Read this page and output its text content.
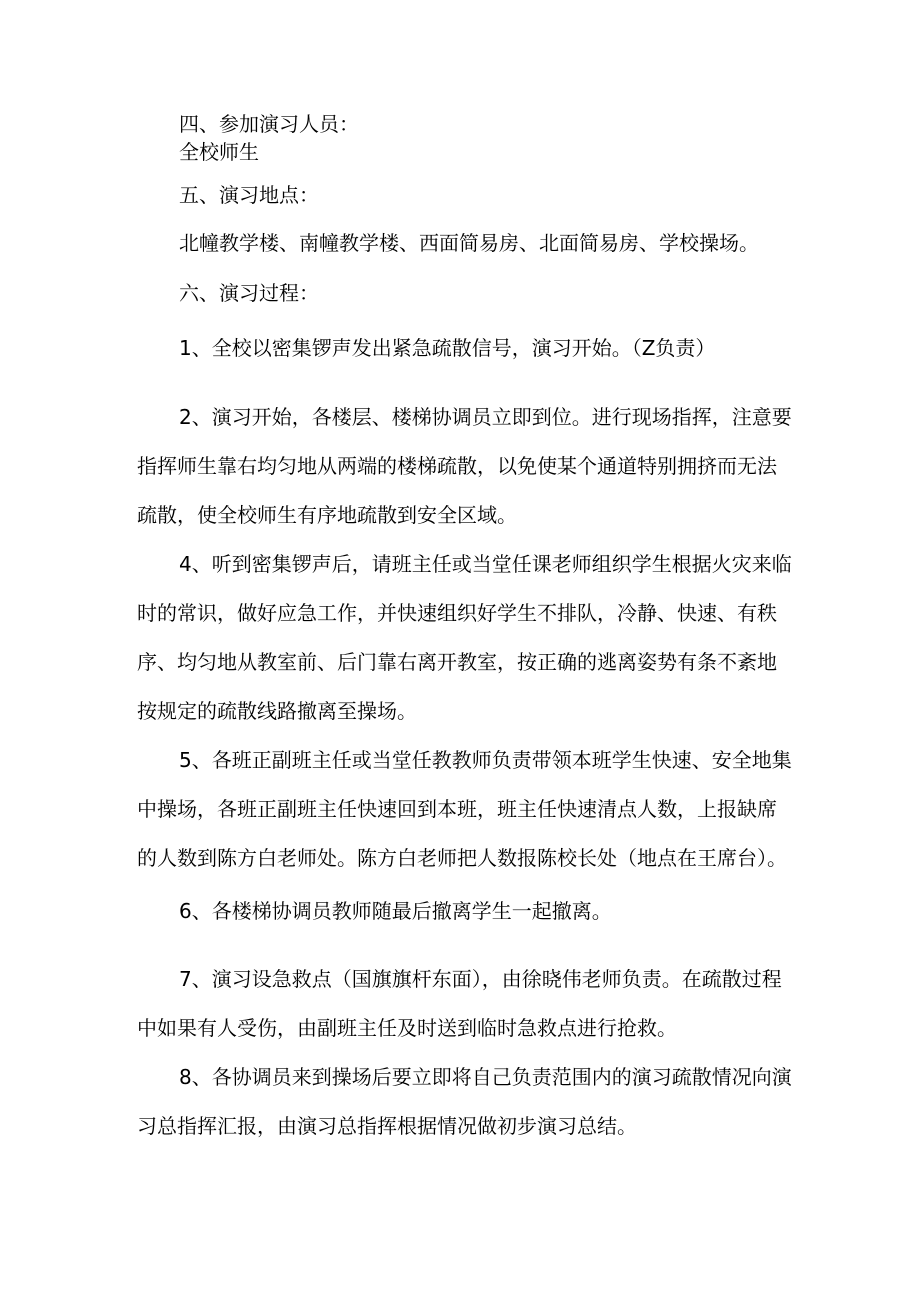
四、参加演习人员：

全校师生

五、演习地点：

北幢教学楼、南幢教学楼、西面简易房、北面简易房、学校操场。

六、演习过程：

1、全校以密集锣声发出紧急疏散信号，演习开始。（Z负责）

2、演习开始，各楼层、楼梯协调员立即到位。进行现场指挥，注意要

指挥师生靠右均匀地从两端的楼梯疏散，以免使某个通道特别拥挤而无法

疏散，使全校师生有序地疏散到安全区域。

4、听到密集锣声后，请班主任或当堂任课老师组织学生根据火灾来临

时的常识，做好应急工作，并快速组织好学生不排队，冷静、快速、有秩

序、均匀地从教室前、后门靠右离开教室，按正确的逃离姿势有条不紊地

按规定的疏散线路撤离至操场。

5、各班正副班主任或当堂任教教师负责带领本班学生快速、安全地集

中操场，各班正副班主任快速回到本班，班主任快速清点人数，上报缺席

的人数到陈方白老师处。陈方白老师把人数报陈校长处（地点在王席台）。

6、各楼梯协调员教师随最后撤离学生一起撤离。

7、演习设急救点（国旗旗杆东面），由徐晓伟老师负责。在疏散过程

中如果有人受伤，由副班主任及时送到临时急救点进行抢救。

8、各协调员来到操场后要立即将自己负责范围内的演习疏散情况向演

习总指挥汇报，由演习总指挥根据情况做初步演习总结。
